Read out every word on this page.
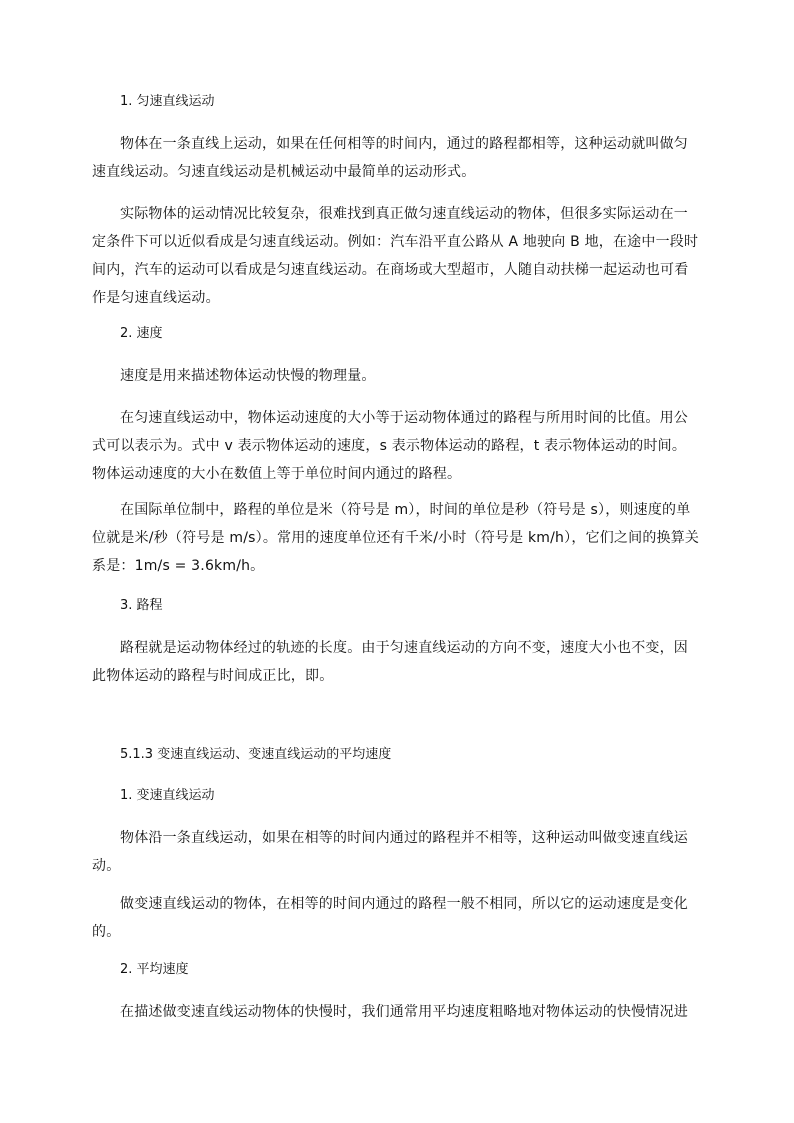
1. 匀速直线运动

物体在一条直线上运动，如果在任何相等的时间内，通过的路程都相等，这种运动就叫做匀
速直线运动。匀速直线运动是机械运动中最简单的运动形式。

实际物体的运动情况比较复杂，很难找到真正做匀速直线运动的物体，但很多实际运动在一
定条件下可以近似看成是匀速直线运动。例如：汽车沿平直公路从 A 地驶向 B 地，在途中一段时
间内，汽车的运动可以看成是匀速直线运动。在商场或大型超市，人随自动扶梯一起运动也可看
作是匀速直线运动。

2. 速度

速度是用来描述物体运动快慢的物理量。

在匀速直线运动中，物体运动速度的大小等于运动物体通过的路程与所用时间的比值。用公
式可以表示为。式中 v 表示物体运动的速度，s 表示物体运动的路程，t 表示物体运动的时间。
物体运动速度的大小在数值上等于单位时间内通过的路程。

在国际单位制中，路程的单位是米（符号是 m），时间的单位是秒（符号是 s），则速度的单
位就是米/秒（符号是 m/s）。常用的速度单位还有千米/小时（符号是 km/h），它们之间的换算关
系是：1m/s = 3.6km/h。

3. 路程

路程就是运动物体经过的轨迹的长度。由于匀速直线运动的方向不变，速度大小也不变，因
此物体运动的路程与时间成正比，即。

5.1.3 变速直线运动、变速直线运动的平均速度
1. 变速直线运动

物体沿一条直线运动，如果在相等的时间内通过的路程并不相等，这种运动叫做变速直线运
动。

做变速直线运动的物体，在相等的时间内通过的路程一般不相同，所以它的运动速度是变化
的。

2. 平均速度

在描述做变速直线运动物体的快慢时，我们通常用平均速度粗略地对物体运动的快慢情况进
